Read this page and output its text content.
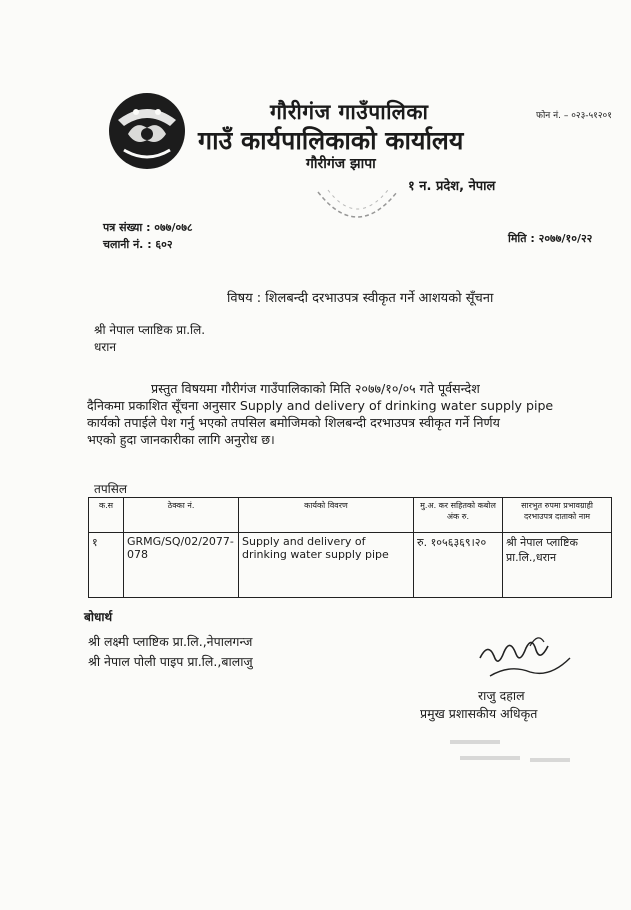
गौरीगंज गाउँपालिका
गाउँ कार्यपालिकाको कार्यालय
गौरीगंज झापा
१ न. प्रदेश, नेपाल
फोन नं. – ०२३-५१२०१
पत्र संख्या : ०७७/०७८
चलानी नं. : ६०२	मिति : २०७७/१०/२२
विषय : शिलबन्दी दरभाउपत्र स्वीकृत गर्ने आशयको सूँचना
श्री नेपाल प्लाष्टिक प्रा.लि.
धरान
प्रस्तुत विषयमा गौरीगंज गाउँपालिकाको मिति २०७७/१०/०५ गते पूर्वसन्देश
दैनिकमा प्रकाशित सूँचना अनुसार Supply and delivery of drinking water supply pipe
कार्यको तपाईले पेश गर्नु भएको तपसिल बमोजिमको शिलबन्दी दरभाउपत्र स्वीकृत गर्ने निर्णय
भएको हुदा जानकारीका लागि अनुरोध छ।
तपसिल
क.स	ठेक्का नं.	कार्यको विवरण	मु.अ. कर सहितको कबोल अंक रु.	सारभुत रुपमा प्रभावग्राही दरभाउपत्र दाताको नाम
१	GRMG/SQ/02/2077-078	Supply and delivery of drinking water supply pipe	रु. १०५६३६९।२०	श्री नेपाल प्लाष्टिक प्रा.लि.,धरान
बोधार्थ
श्री लक्ष्मी प्लाष्टिक प्रा.लि.,नेपालगन्ज
श्री नेपाल पोली पाइप प्रा.लि.,बालाजु
राजु दहाल
प्रमुख प्रशासकीय अधिकृत
